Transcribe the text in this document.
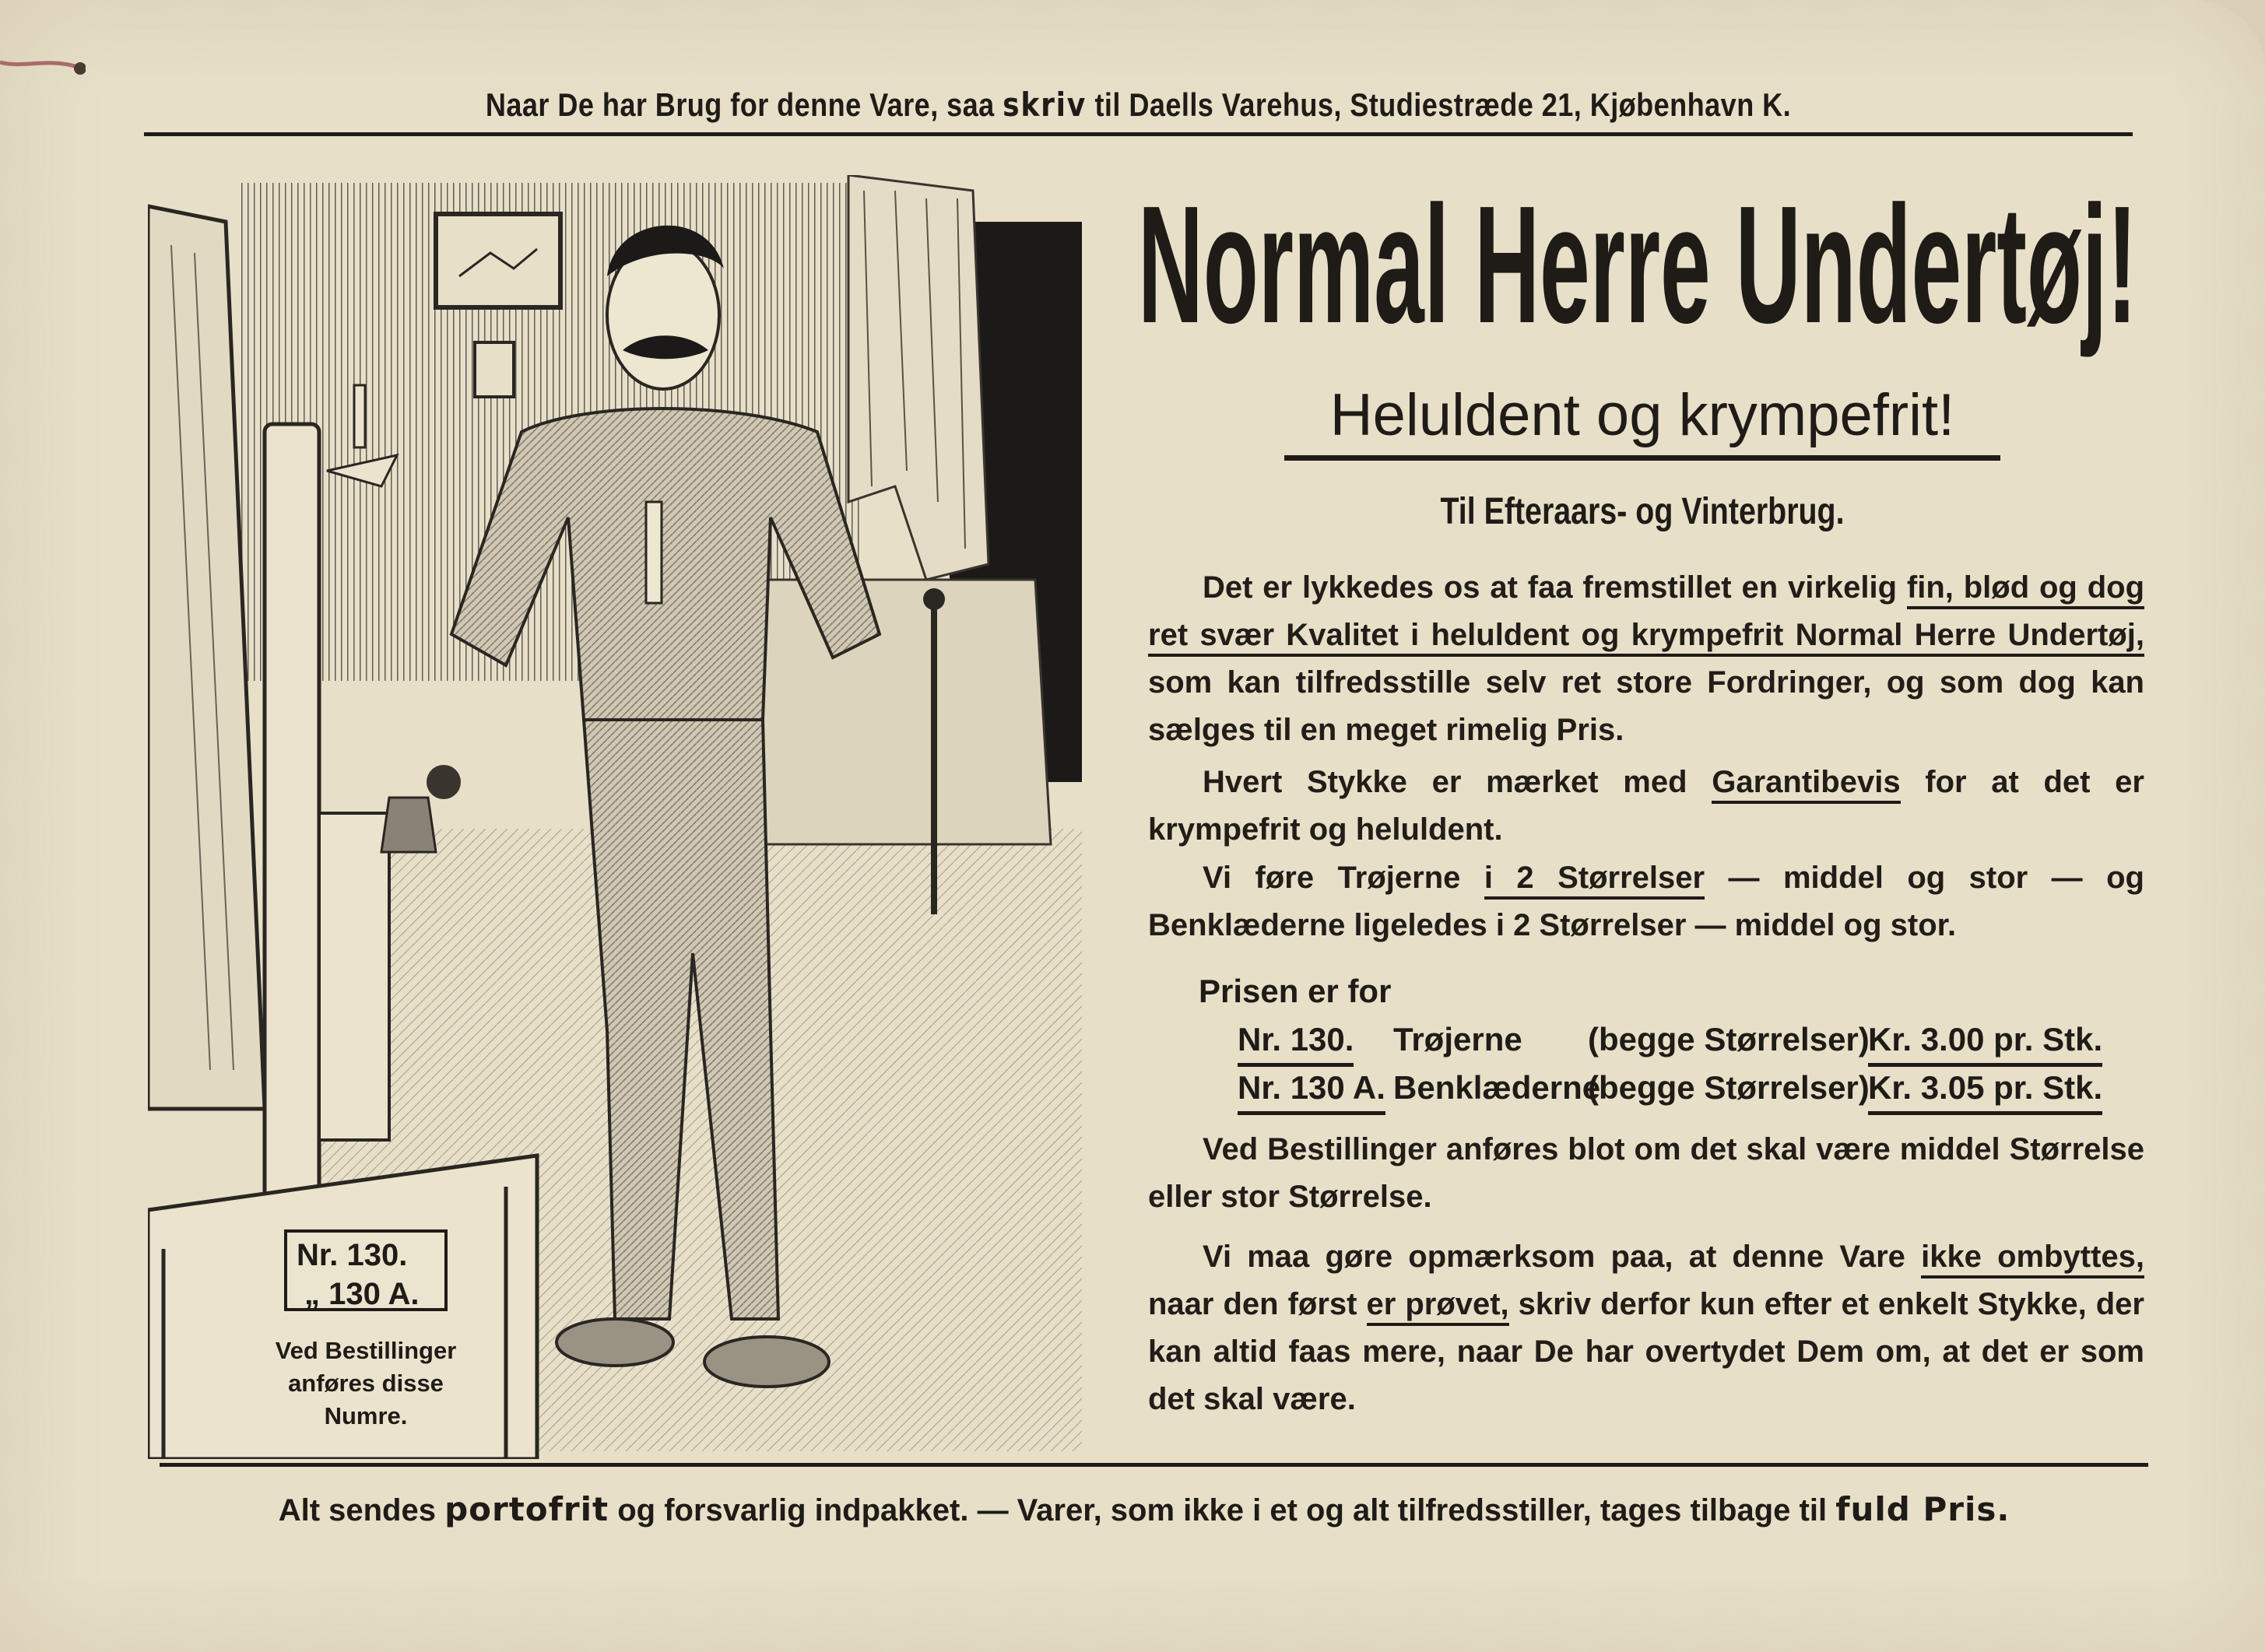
Naar De har Brug for denne Vare, saa skriv til Daells Varehus, Studiestræde 21, Kjøbenhavn K.
Nr. 130.
„ 130 A.
Ved Bestillinger anføres disse Numre.
Normal Herre Undertøj!
Heluldent og krympefrit!
Til Efteraars- og Vinterbrug.
Det er lykkedes os at faa fremstillet en virkelig fin, blød og dog ret svær Kvalitet i heluldent og krympefrit Normal Herre Undertøj, som kan tilfredsstille selv ret store Fordringer, og som dog kan sælges til en meget rimelig Pris.
Hvert Stykke er mærket med Garantibevis for at det er krympefrit og heluldent.
Vi føre Trøjerne i 2 Størrelser — middel og stor — og Benklæderne ligeledes i 2 Størrelser — middel og stor.
Prisen er for
Nr. 130. Trøjerne (begge Størrelser)
Kr. 3.00 pr. Stk.
Nr. 130 A. Benklæderne
(begge Størrelser)
Kr. 3.05 pr. Stk.
Ved Bestillinger anføres blot om det skal være middel Størrelse eller stor Størrelse.
Vi maa gøre opmærksom paa, at denne Vare ikke ombyttes, naar den først er prøvet, skriv derfor kun efter et enkelt Stykke, der kan altid faas mere, naar De har overtydet Dem om, at det er som det skal være.
Alt sendes portofrit og forsvarlig indpakket. — Varer, som ikke i et og alt tilfredsstiller, tages tilbage til fuld Pris.
